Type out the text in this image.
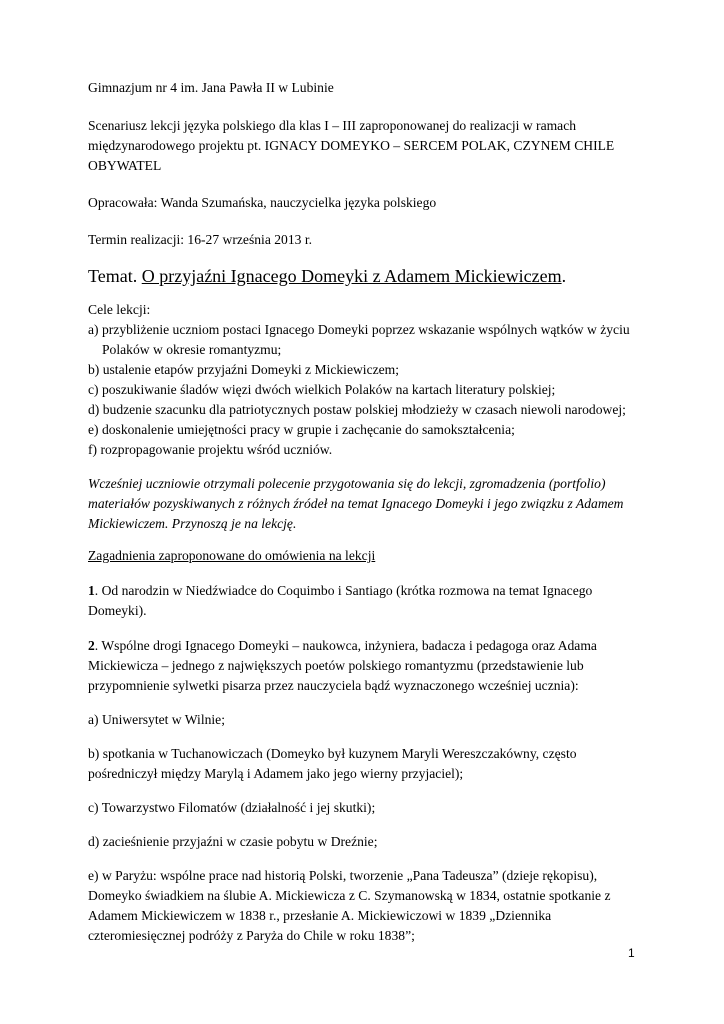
Gimnazjum nr 4 im. Jana Pawła II w Lubinie

Scenariusz lekcji języka polskiego dla klas I – III zaproponowanej do realizacji w ramach międzynarodowego projektu pt. IGNACY DOMEYKO – SERCEM POLAK, CZYNEM CHILE OBYWATEL

Opracowała: Wanda Szumańska, nauczycielka języka polskiego

Termin realizacji: 16-27 września 2013 r.

Temat. O przyjaźni Ignacego Domeyki z Adamem Mickiewiczem.

Cele lekcji:

a) przybliżenie uczniom postaci Ignacego Domeyki poprzez wskazanie wspólnych wątków w życiu Polaków w okresie romantyzmu;
b) ustalenie etapów przyjaźni Domeyki z Mickiewiczem;
c) poszukiwanie śladów więzi dwóch wielkich Polaków na kartach literatury polskiej;
d) budzenie szacunku dla patriotycznych postaw polskiej młodzieży w czasach niewoli narodowej;
e) doskonalenie umiejętności pracy w grupie i zachęcanie do samokształcenia;
f) rozpropagowanie projektu wśród uczniów.

Wcześniej uczniowie otrzymali polecenie przygotowania się do lekcji, zgromadzenia (portfolio) materiałów pozyskiwanych z różnych źródeł na temat Ignacego Domeyki i jego związku z Adamem Mickiewiczem. Przynoszą je na lekcję.

Zagadnienia zaproponowane do omówienia na lekcji

1. Od narodzin w Niedźwiadce do Coquimbo i Santiago (krótka rozmowa na temat Ignacego Domeyki).

2. Wspólne drogi Ignacego Domeyki – naukowca, inżyniera, badacza i pedagoga oraz Adama Mickiewicza – jednego z największych poetów polskiego romantyzmu (przedstawienie lub przypomnienie sylwetki pisarza przez nauczyciela bądź wyznaczonego wcześniej ucznia):

a) Uniwersytet w Wilnie;

b) spotkania w Tuchanowiczach (Domeyko był kuzynem Maryli Wereszczakówny, często pośredniczył między Marylą i Adamem jako jego wierny przyjaciel);

c) Towarzystwo Filomatów (działalność i jej skutki);

d) zacieśnienie przyjaźni w czasie pobytu w Dreźnie;

e) w Paryżu: wspólne prace nad historią Polski, tworzenie „Pana Tadeusza” (dzieje rękopisu), Domeyko świadkiem na ślubie A. Mickiewicza z C. Szymanowską w 1834, ostatnie spotkanie z Adamem Mickiewiczem w 1838 r., przesłanie A. Mickiewiczowi w 1839 „Dziennika czteromiesięcznej podróży z Paryża do Chile w roku 1838”;

1
